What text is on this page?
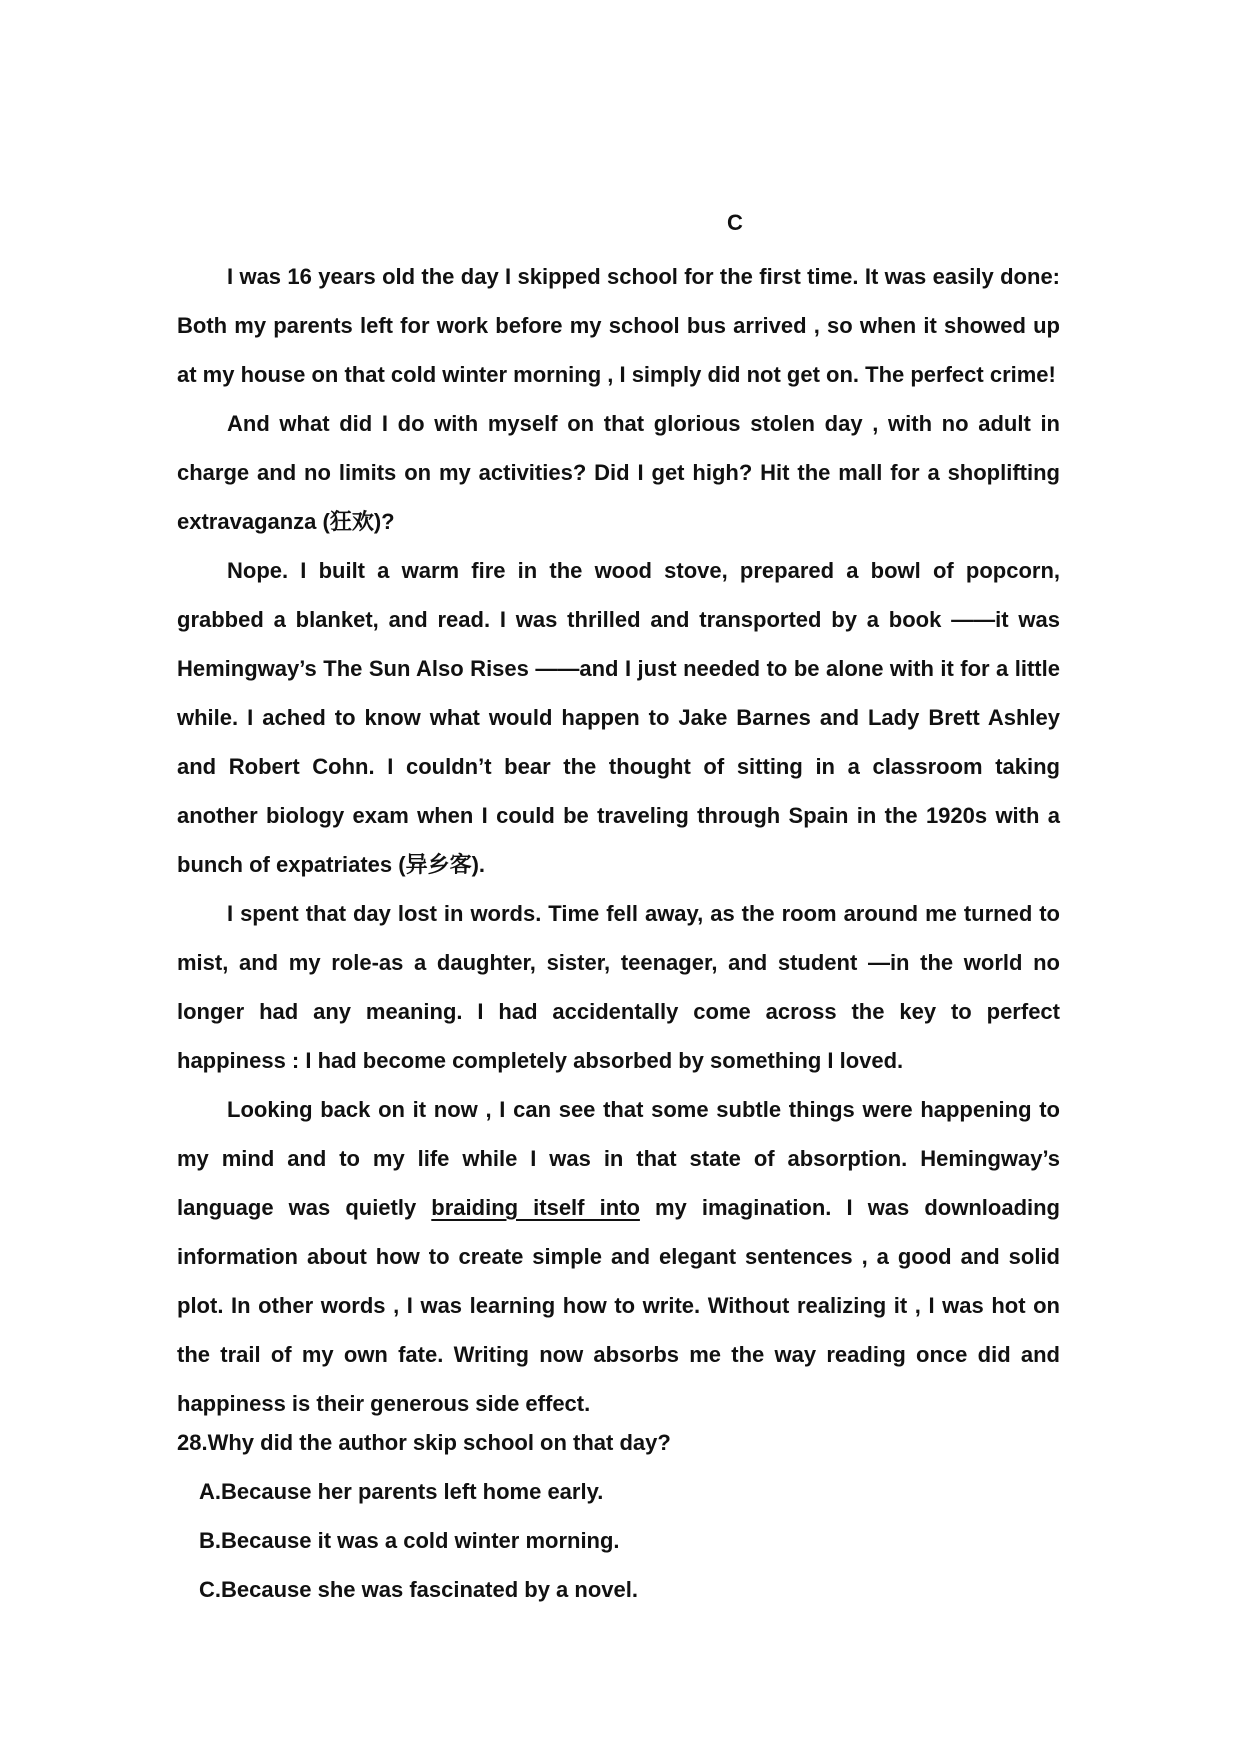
C

I was 16 years old the day I skipped school for the first time. It was easily done: Both my parents left for work before my school bus arrived , so when it showed up at my house on that cold winter morning , I simply did not get on. The perfect crime!

And what did I do with myself on that glorious stolen day , with no adult in charge and no limits on my activities? Did I get high? Hit the mall for a shoplifting extravaganza (狂欢)?

Nope. I built a warm fire in the wood stove, prepared a bowl of popcorn, grabbed a blanket, and read. I was thrilled and transported by a book ——it was Hemingway’s The Sun Also Rises ——and I just needed to be alone with it for a little while. I ached to know what would happen to Jake Barnes and Lady Brett Ashley and Robert Cohn. I couldn’t bear the thought of sitting in a classroom taking another biology exam when I could be traveling through Spain in the 1920s with a bunch of expatriates (异乡客).

I spent that day lost in words. Time fell away, as the room around me turned to mist, and my role-as a daughter, sister, teenager, and student —in the world no longer had any meaning. I had accidentally come across the key to perfect happiness : I had become completely absorbed by something I loved.

Looking back on it now , I can see that some subtle things were happening to my mind and to my life while I was in that state of absorption. Hemingway’s language was quietly braiding itself into my imagination. I was downloading information about how to create simple and elegant sentences , a good and solid plot. In other words , I was learning how to write. Without realizing it , I was hot on the trail of my own fate. Writing now absorbs me the way reading once did and happiness is their generous side effect.

28.Why did the author skip school on that day?

A.Because her parents left home early.

B.Because it was a cold winter morning.

C.Because she was fascinated by a novel.
